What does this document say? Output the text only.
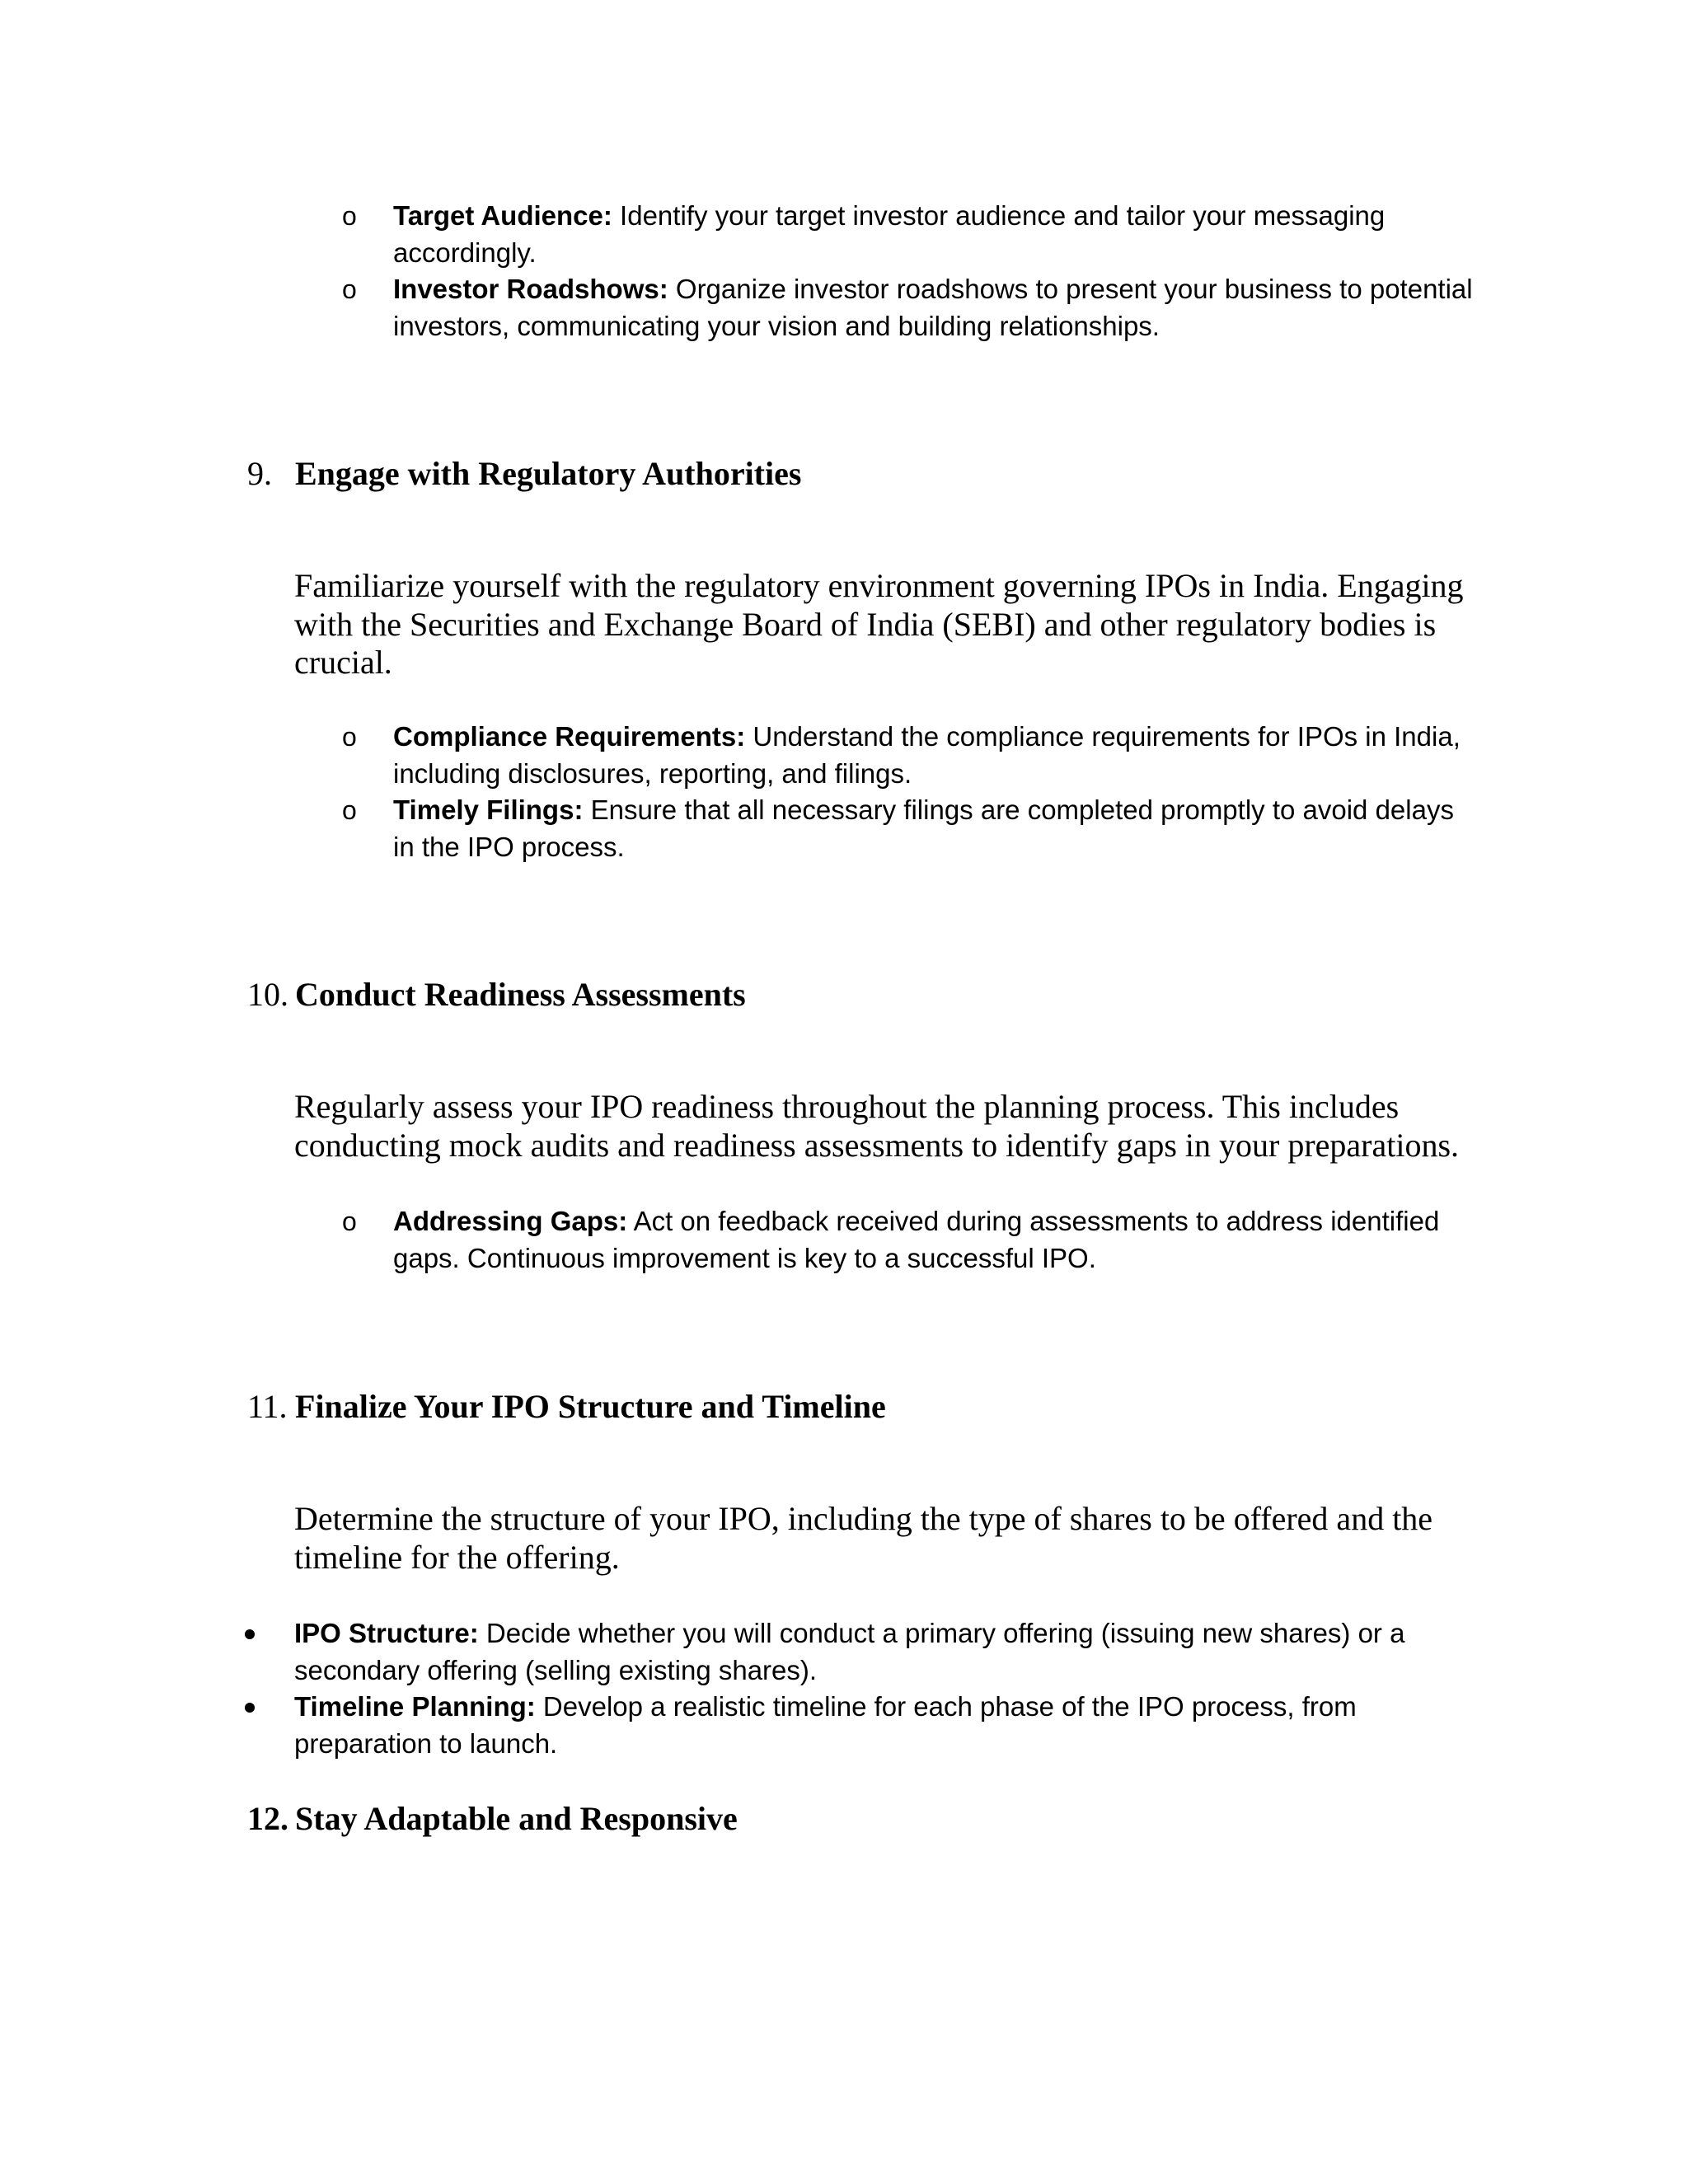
o Target Audience: Identify your target investor audience and tailor your messaging accordingly.
o Investor Roadshows: Organize investor roadshows to present your business to potential investors, communicating your vision and building relationships.
9. Engage with Regulatory Authorities

Familiarize yourself with the regulatory environment governing IPOs in India. Engaging with the Securities and Exchange Board of India (SEBI) and other regulatory bodies is crucial.

o Compliance Requirements: Understand the compliance requirements for IPOs in India, including disclosures, reporting, and filings.
o Timely Filings: Ensure that all necessary filings are completed promptly to avoid delays in the IPO process.
10. Conduct Readiness Assessments

Regularly assess your IPO readiness throughout the planning process. This includes conducting mock audits and readiness assessments to identify gaps in your preparations.

o Addressing Gaps: Act on feedback received during assessments to address identified gaps. Continuous improvement is key to a successful IPO.
11. Finalize Your IPO Structure and Timeline

Determine the structure of your IPO, including the type of shares to be offered and the timeline for the offering.

IPO Structure: Decide whether you will conduct a primary offering (issuing new shares) or a secondary offering (selling existing shares).
Timeline Planning: Develop a realistic timeline for each phase of the IPO process, from preparation to launch.
12. Stay Adaptable and Responsive
